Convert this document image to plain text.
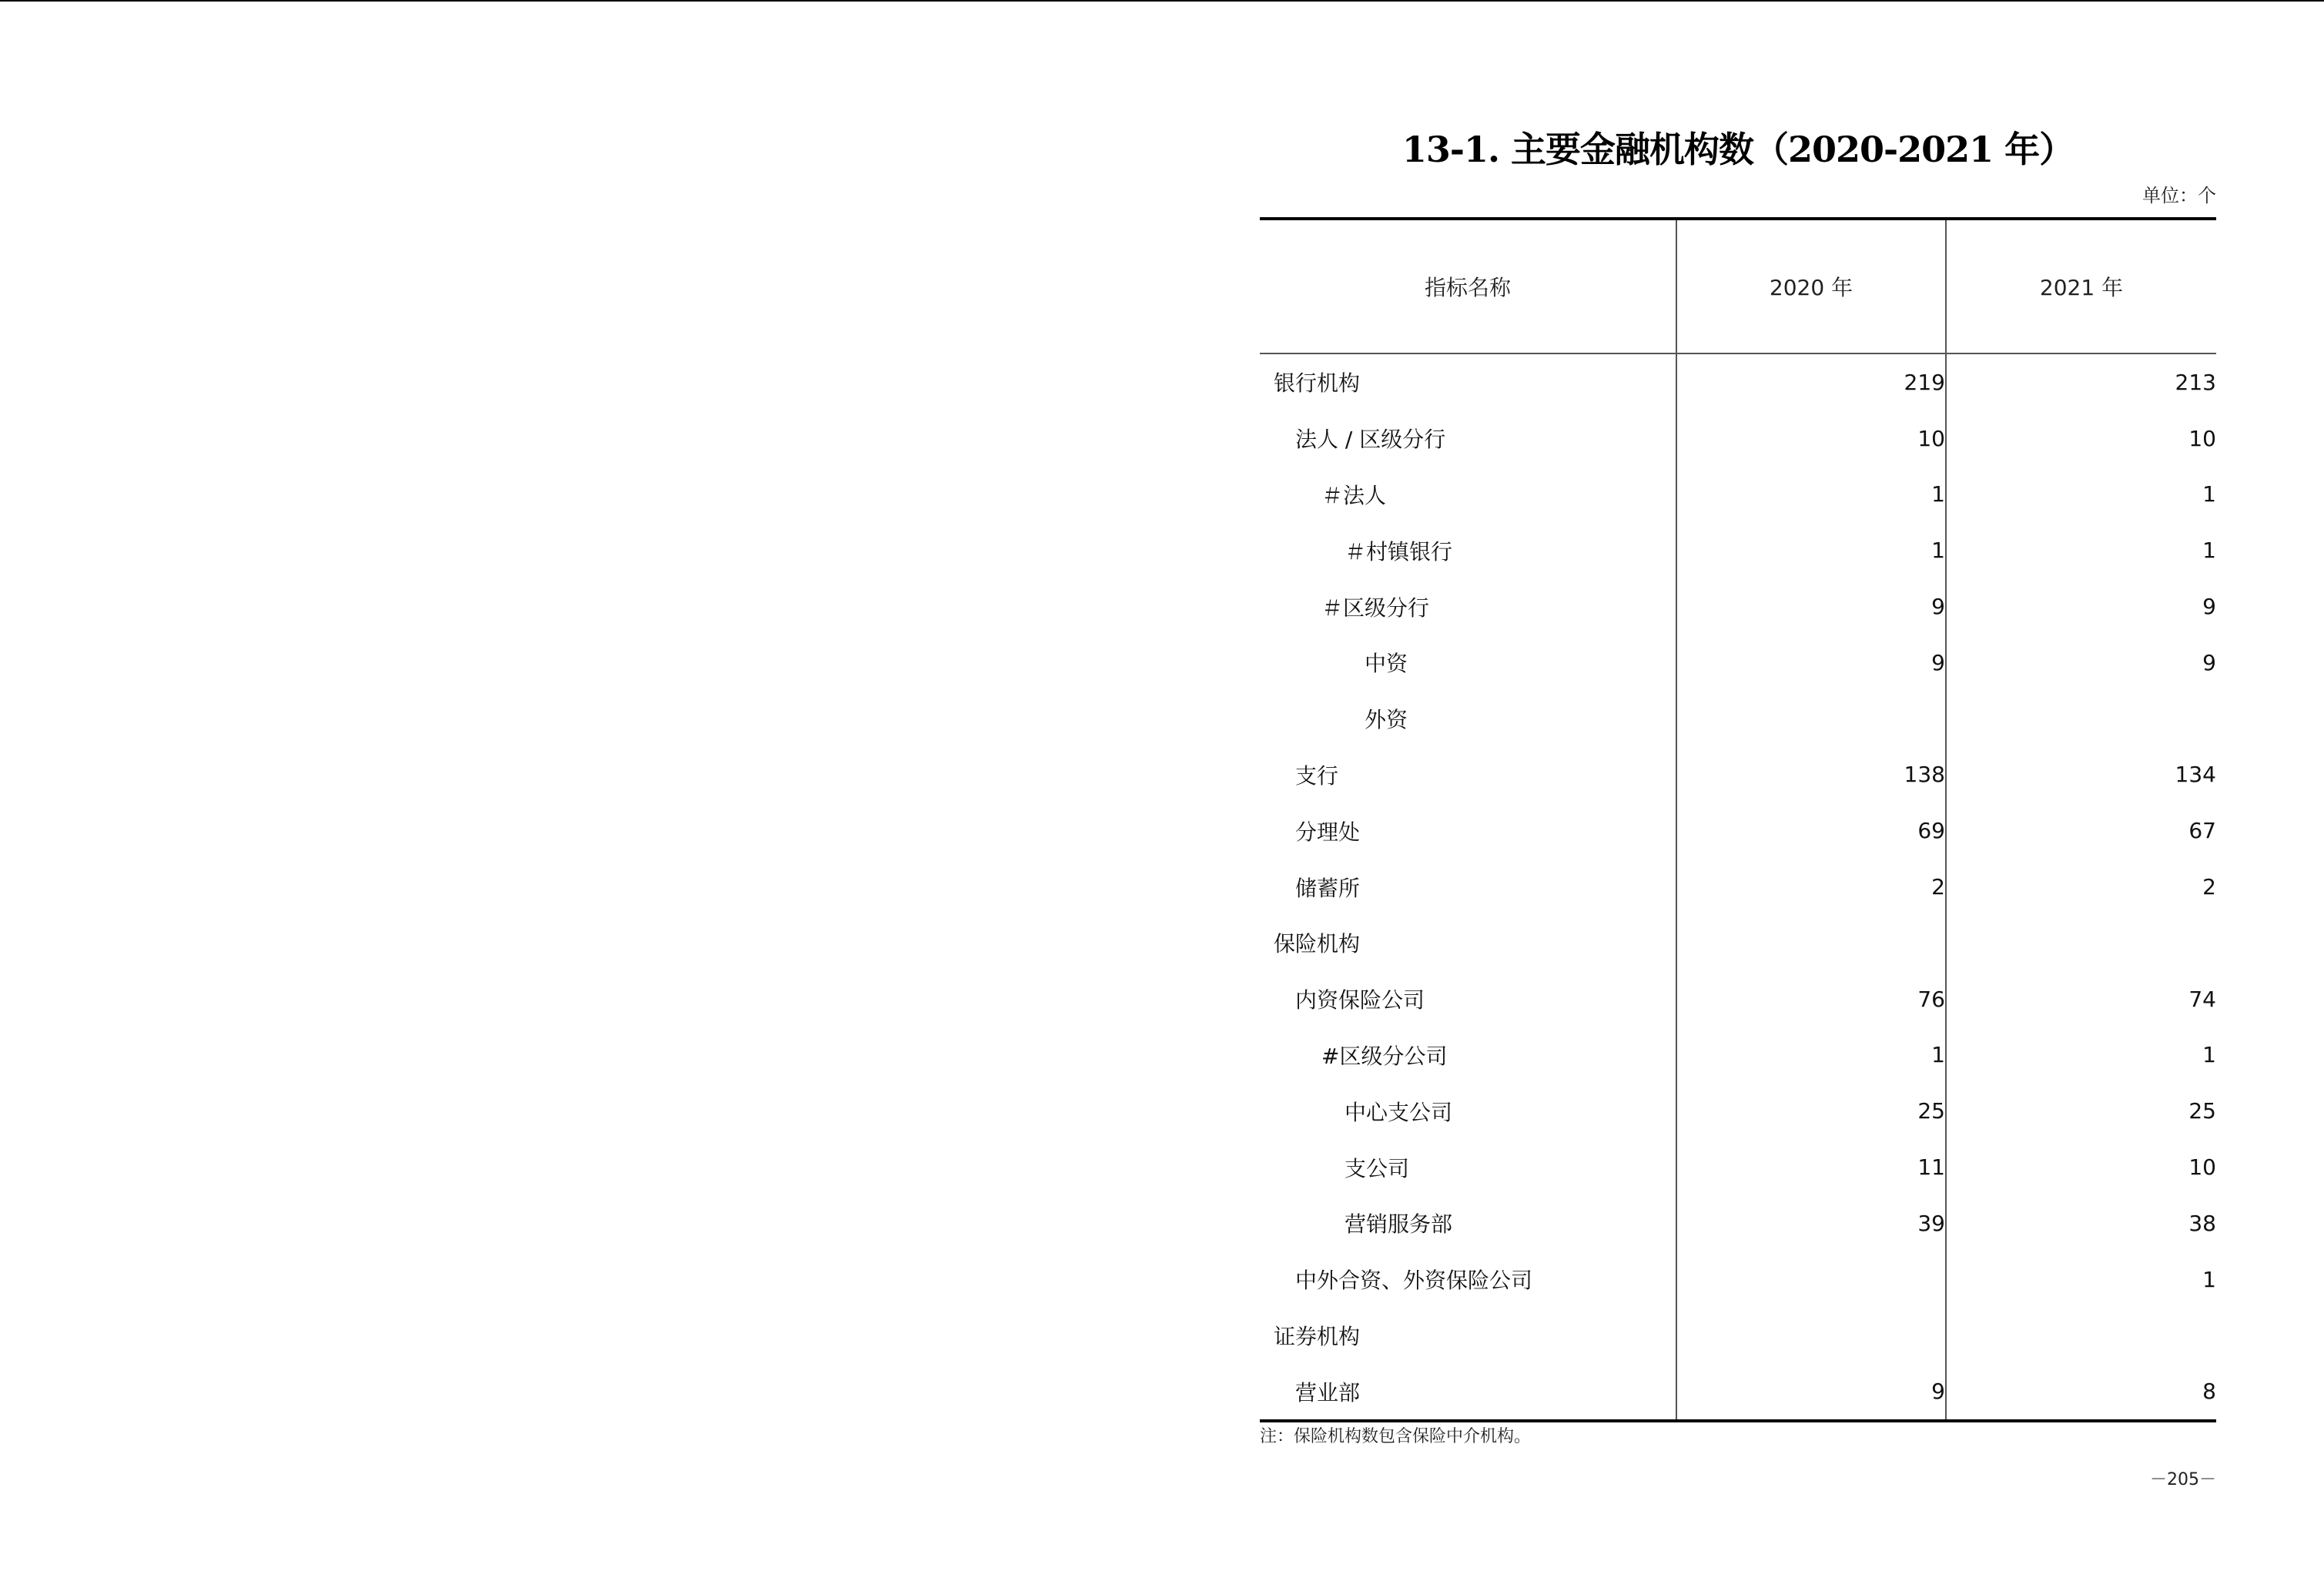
13-1. 主要金融机构数（2020-2021 年）
单位：个
指标名称	2020 年	2021 年
银行机构	219	213
法人 / 区级分行	10	10
＃法人	1	1
＃村镇银行	1	1
＃区级分行	9	9
中资	9	9
外资		
支行	138	134
分理处	69	67
储蓄所	2	2
保险机构		
内资保险公司	76	74
#区级分公司	1	1
中心支公司	25	25
支公司	11	10
营销服务部	39	38
中外合资、外资保险公司		1
证券机构		
营业部	9	8
注：保险机构数包含保险中介机构。
－205－
